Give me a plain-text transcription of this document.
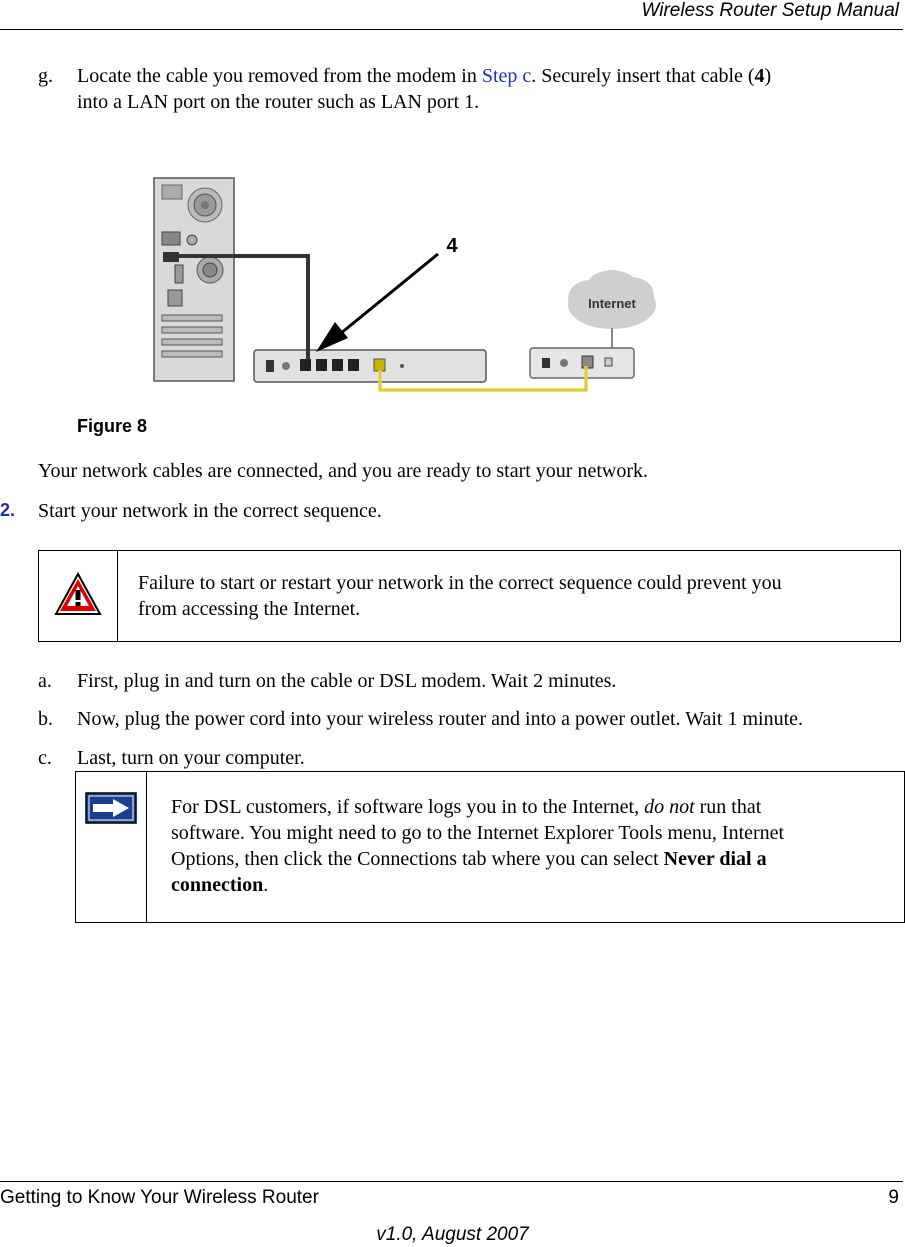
Wireless Router Setup Manual
g. Locate the cable you removed from the modem in Step c. Securely insert that cable (4)
into a LAN port on the router such as LAN port 1.
Internet
4
Figure 8
Your network cables are connected, and you are ready to start your network.
2. Start your network in the correct sequence.
	Failure to start or restart your network in the correct sequence could prevent you
from accessing the Internet.
a. First, plug in and turn on the cable or DSL modem. Wait 2 minutes.
b. Now, plug the power cord into your wireless router and into a power outlet. Wait 1 minute.
c. Last, turn on your computer.
	For DSL customers, if software logs you in to the Internet, do not run that
software. You might need to go to the Internet Explorer Tools menu, Internet
Options, then click the Connections tab where you can select Never dial a
connection.
Getting to Know Your Wireless Router	9
v1.0, August 2007
